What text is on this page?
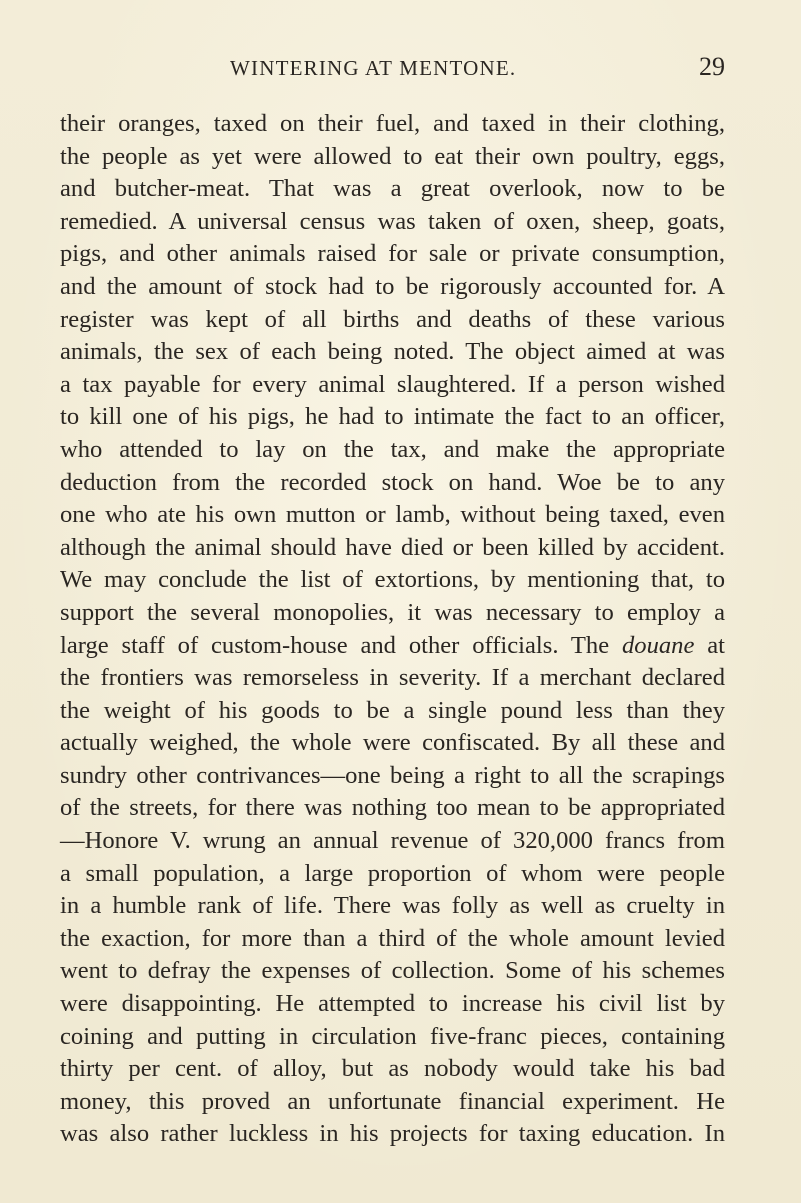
WINTERING AT MENTONE.	29
their oranges, taxed on their fuel, and taxed in their clothing,
the people as yet were allowed to eat their own poultry, eggs,
and butcher-meat. That was a great overlook, now to be
remedied. A universal census was taken of oxen, sheep, goats,
pigs, and other animals raised for sale or private consumption,
and the amount of stock had to be rigorously accounted for. A
register was kept of all births and deaths of these various
animals, the sex of each being noted. The object aimed at was
a tax payable for every animal slaughtered. If a person wished
to kill one of his pigs, he had to intimate the fact to an officer,
who attended to lay on the tax, and make the appropriate
deduction from the recorded stock on hand. Woe be to any
one who ate his own mutton or lamb, without being taxed, even
although the animal should have died or been killed by accident.
We may conclude the list of extortions, by mentioning that, to
support the several monopolies, it was necessary to employ a
large staff of custom-house and other officials. The douane at
the frontiers was remorseless in severity. If a merchant declared
the weight of his goods to be a single pound less than they
actually weighed, the whole were confiscated. By all these and
sundry other contrivances—one being a right to all the scrapings
of the streets, for there was nothing too mean to be appropriated
—Honore V. wrung an annual revenue of 320,000 francs from
a small population, a large proportion of whom were people
in a humble rank of life. There was folly as well as cruelty in
the exaction, for more than a third of the whole amount levied
went to defray the expenses of collection. Some of his schemes
were disappointing. He attempted to increase his civil list by
coining and putting in circulation five-franc pieces, containing
thirty per cent. of alloy, but as nobody would take his bad
money, this proved an unfortunate financial experiment. He
was also rather luckless in his projects for taxing education. In
